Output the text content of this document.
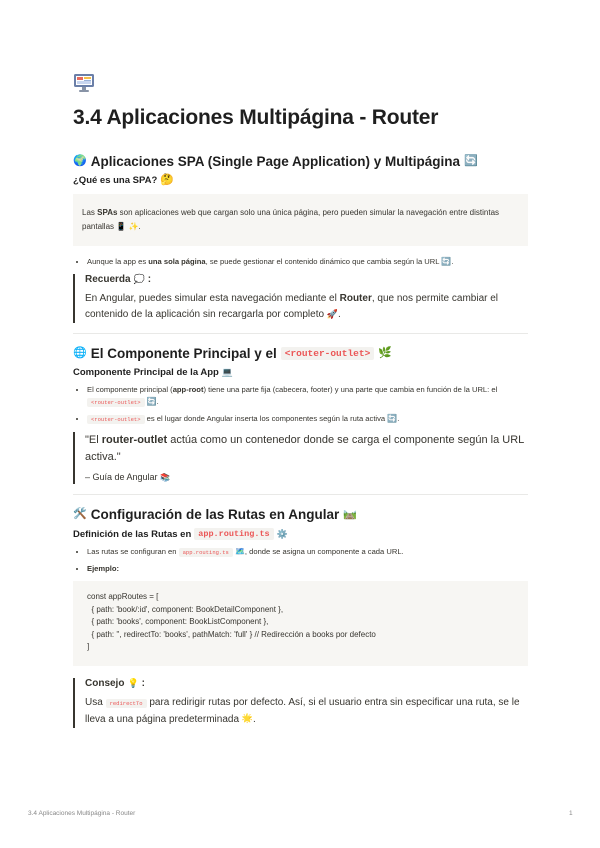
3.4 Aplicaciones Multipágina - Router
🌍 Aplicaciones SPA (Single Page Application) y Multipágina 🔄
¿Qué es una SPA? 🤔
Las SPAs son aplicaciones web que cargan solo una única página, pero pueden simular la navegación entre distintas pantallas 📱 ✨.
• Aunque la app es una sola página, se puede gestionar el contenido dinámico que cambia según la URL 🔄.
Recuerda 💭 :
En Angular, puedes simular esta navegación mediante el Router, que nos permite cambiar el contenido de la aplicación sin recargarla por completo 🚀.
🌐 El Componente Principal y el <router-outlet> 🌿
Componente Principal de la App 💻
• El componente principal (app-root) tiene una parte fija (cabecera, footer) y una parte que cambia en función de la URL: el <router-outlet> 🔄.
• <router-outlet> es el lugar donde Angular inserta los componentes según la ruta activa 🔄.
"El router-outlet actúa como un contenedor donde se carga el componente según la URL activa."
– Guía de Angular 📚
🛠️ Configuración de las Rutas en Angular 🛤️
Definición de las Rutas en app.routing.ts ⚙️
• Las rutas se configuran en app.routing.ts 🗺️, donde se asigna un componente a cada URL.
• Ejemplo:
const appRoutes = [
{ path: 'book/:id', component: BookDetailComponent },
{ path: 'books', component: BookListComponent },
{ path: '', redirectTo: 'books', pathMatch: 'full' } // Redirección a books por defecto
]
Consejo 💡 :
Usa redirectTo para redirigir rutas por defecto. Así, si el usuario entra sin especificar una ruta, se le lleva a una página predeterminada 🌟.
3.4 Aplicaciones Multipágina - Router	1
